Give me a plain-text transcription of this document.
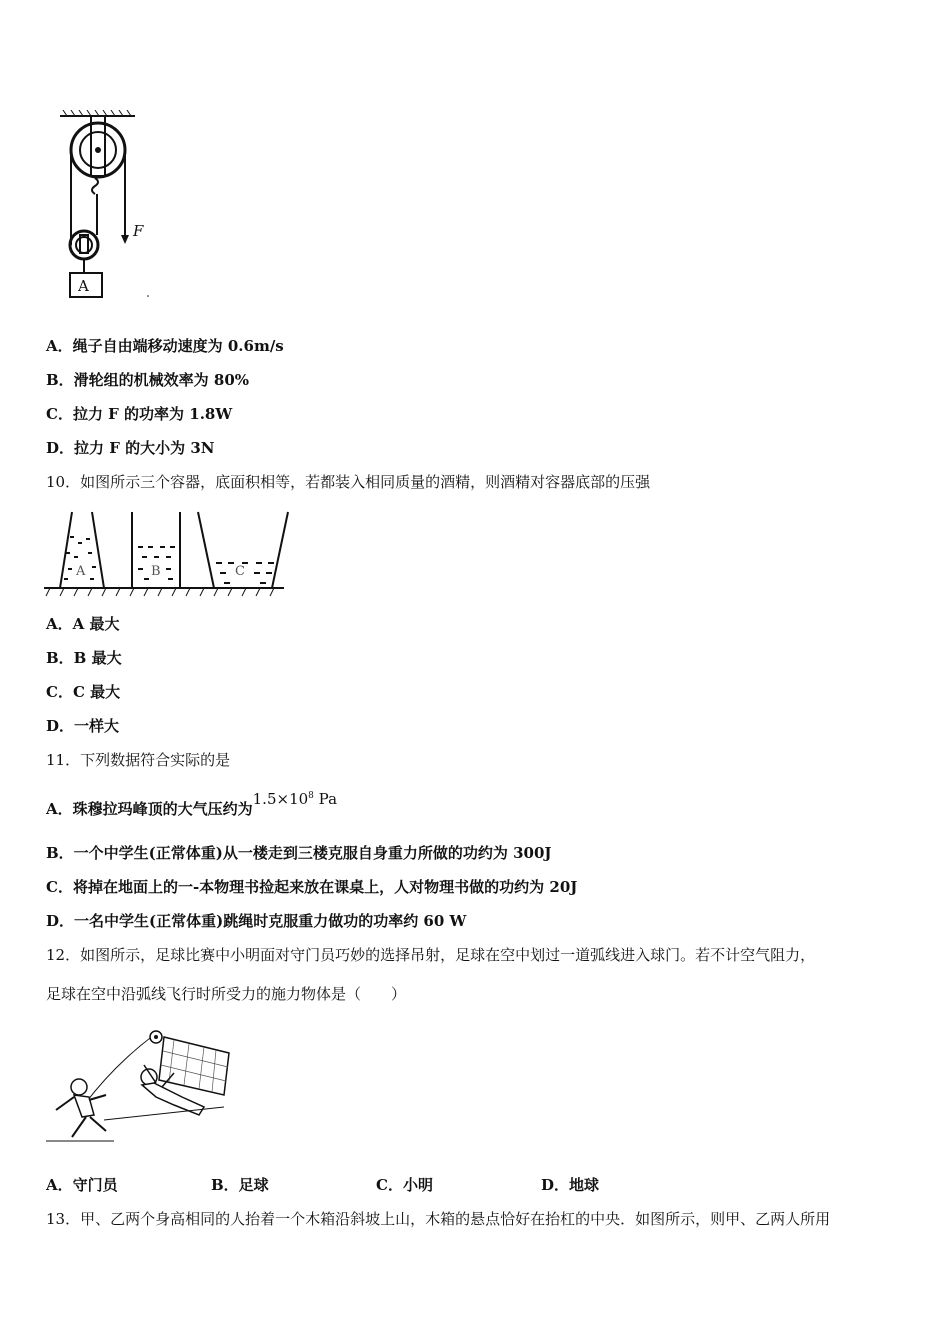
F
A
A．绳子自由端移动速度为 0.6m/s
B．滑轮组的机械效率为 80%
C．拉力 F 的功率为 1.8W
D．拉力 F 的大小为 3N
10．如图所示三个容器，底面积相等，若都装入相同质量的酒精，则酒精对容器底部的压强
A	B	C
A．A 最大
B．B 最大
C．C 最大
D．一样大
11．下列数据符合实际的是
A．珠穆拉玛峰顶的大气压约为$1.5\times 10^8$ Pa
B．一个中学生(正常体重)从一楼走到三楼克服自身重力所做的功约为 300J
C．将掉在地面上的一-本物理书捡起来放在课桌上，人对物理书做的功约为 20J
D．一名中学生(正常体重)跳绳时克服重力做功的功率约 60 W
12．如图所示，足球比赛中小明面对守门员巧妙的选择吊射，足球在空中划过一道弧线进入球门。若不计空气阻力，
足球在空中沿弧线飞行时所受力的施力物体是（　　）
A．守门员	B．足球	C．小明	D．地球
13．甲、乙两个身高相同的人抬着一个木箱沿斜坡上山，木箱的悬点恰好在抬杠的中央．如图所示，则甲、乙两人所用
